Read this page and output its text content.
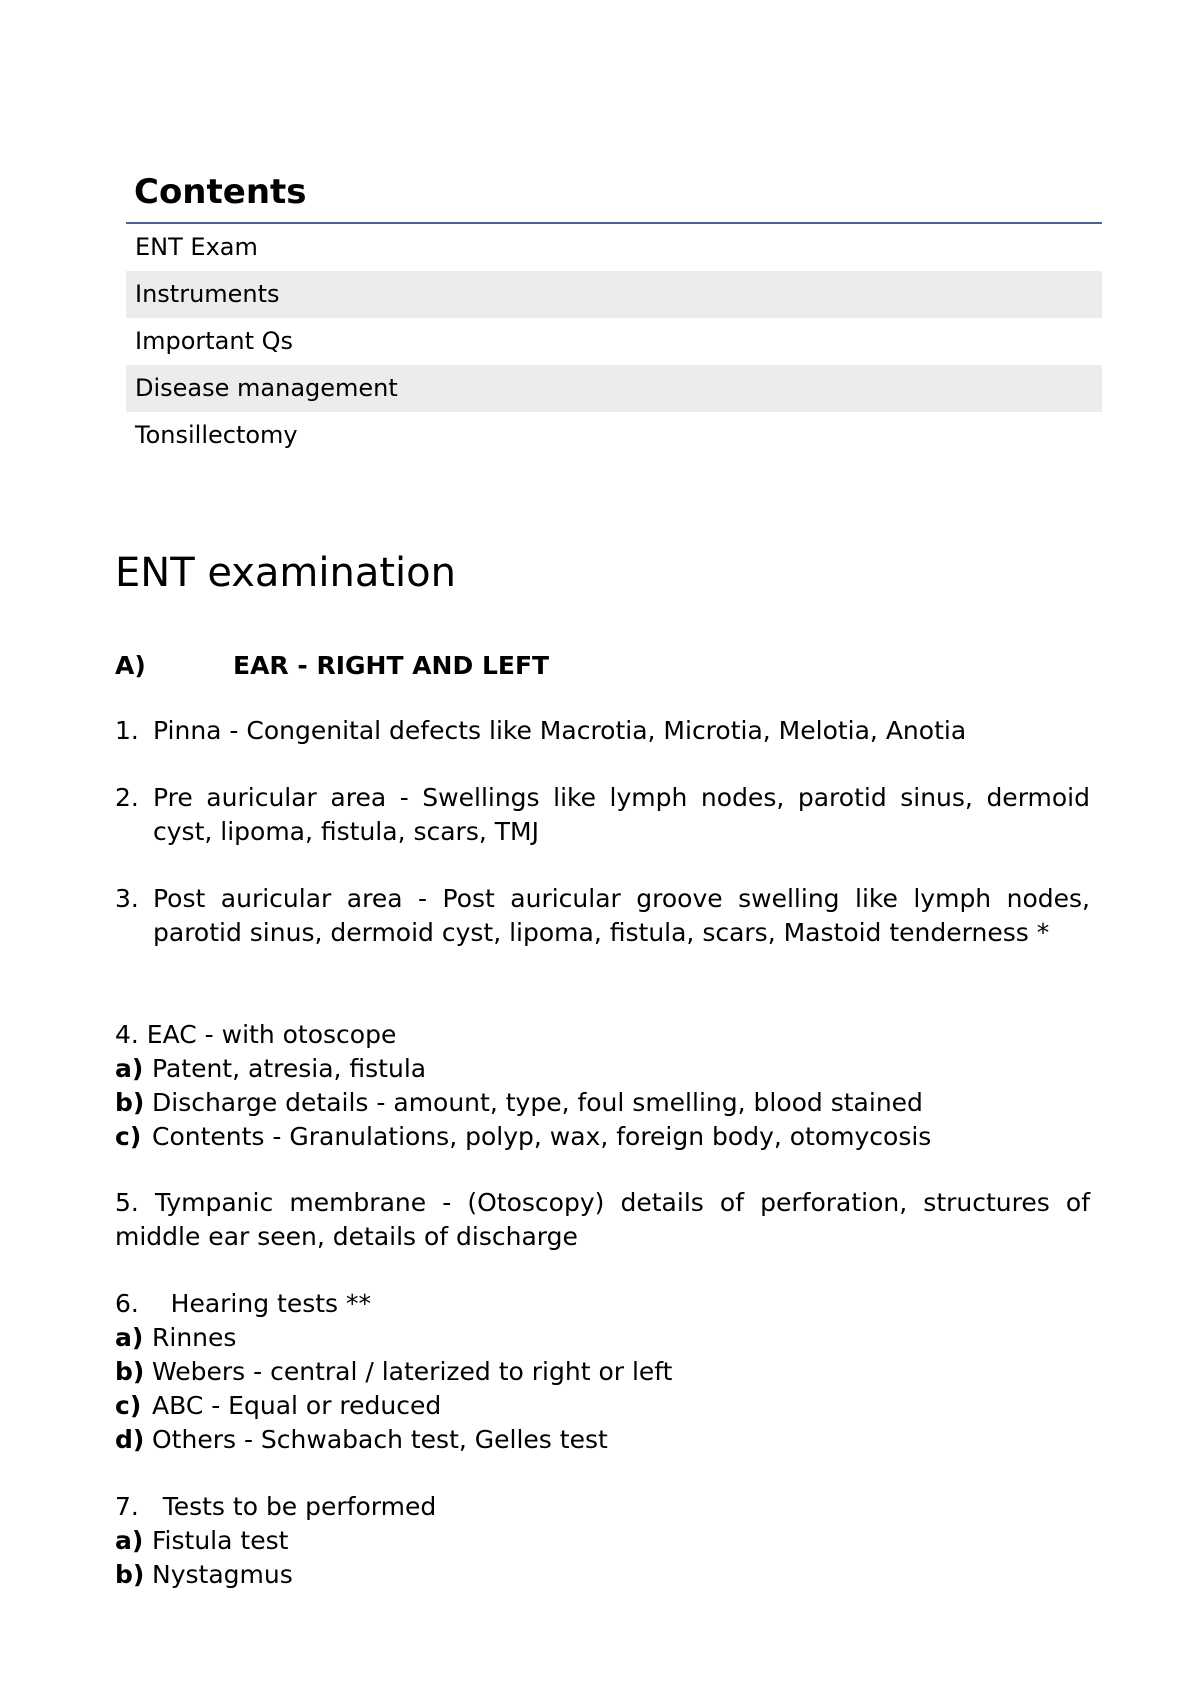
Contents
ENT Exam
Instruments
Important Qs
Disease management
Tonsillectomy
ENT examination
A)	EAR - RIGHT AND LEFT
1. Pinna - Congenital defects like Macrotia, Microtia, Melotia, Anotia
2. Pre auricular area - Swellings like lymph nodes, parotid sinus, dermoid cyst, lipoma, fistula, scars, TMJ
3. Post auricular area - Post auricular groove swelling like lymph nodes, parotid sinus, dermoid cyst, lipoma, fistula, scars, Mastoid tenderness *
4. EAC - with otoscope
a) Patent, atresia, fistula
b) Discharge details - amount, type, foul smelling, blood stained
c) Contents - Granulations, polyp, wax, foreign body, otomycosis
5. Tympanic membrane - (Otoscopy) details of perforation, structures of middle ear seen, details of discharge
6.    Hearing tests **
a) Rinnes
b) Webers - central / laterized to right or left
c) ABC - Equal or reduced
d) Others - Schwabach test, Gelles test
7.   Tests to be performed
a) Fistula test
b) Nystagmus
